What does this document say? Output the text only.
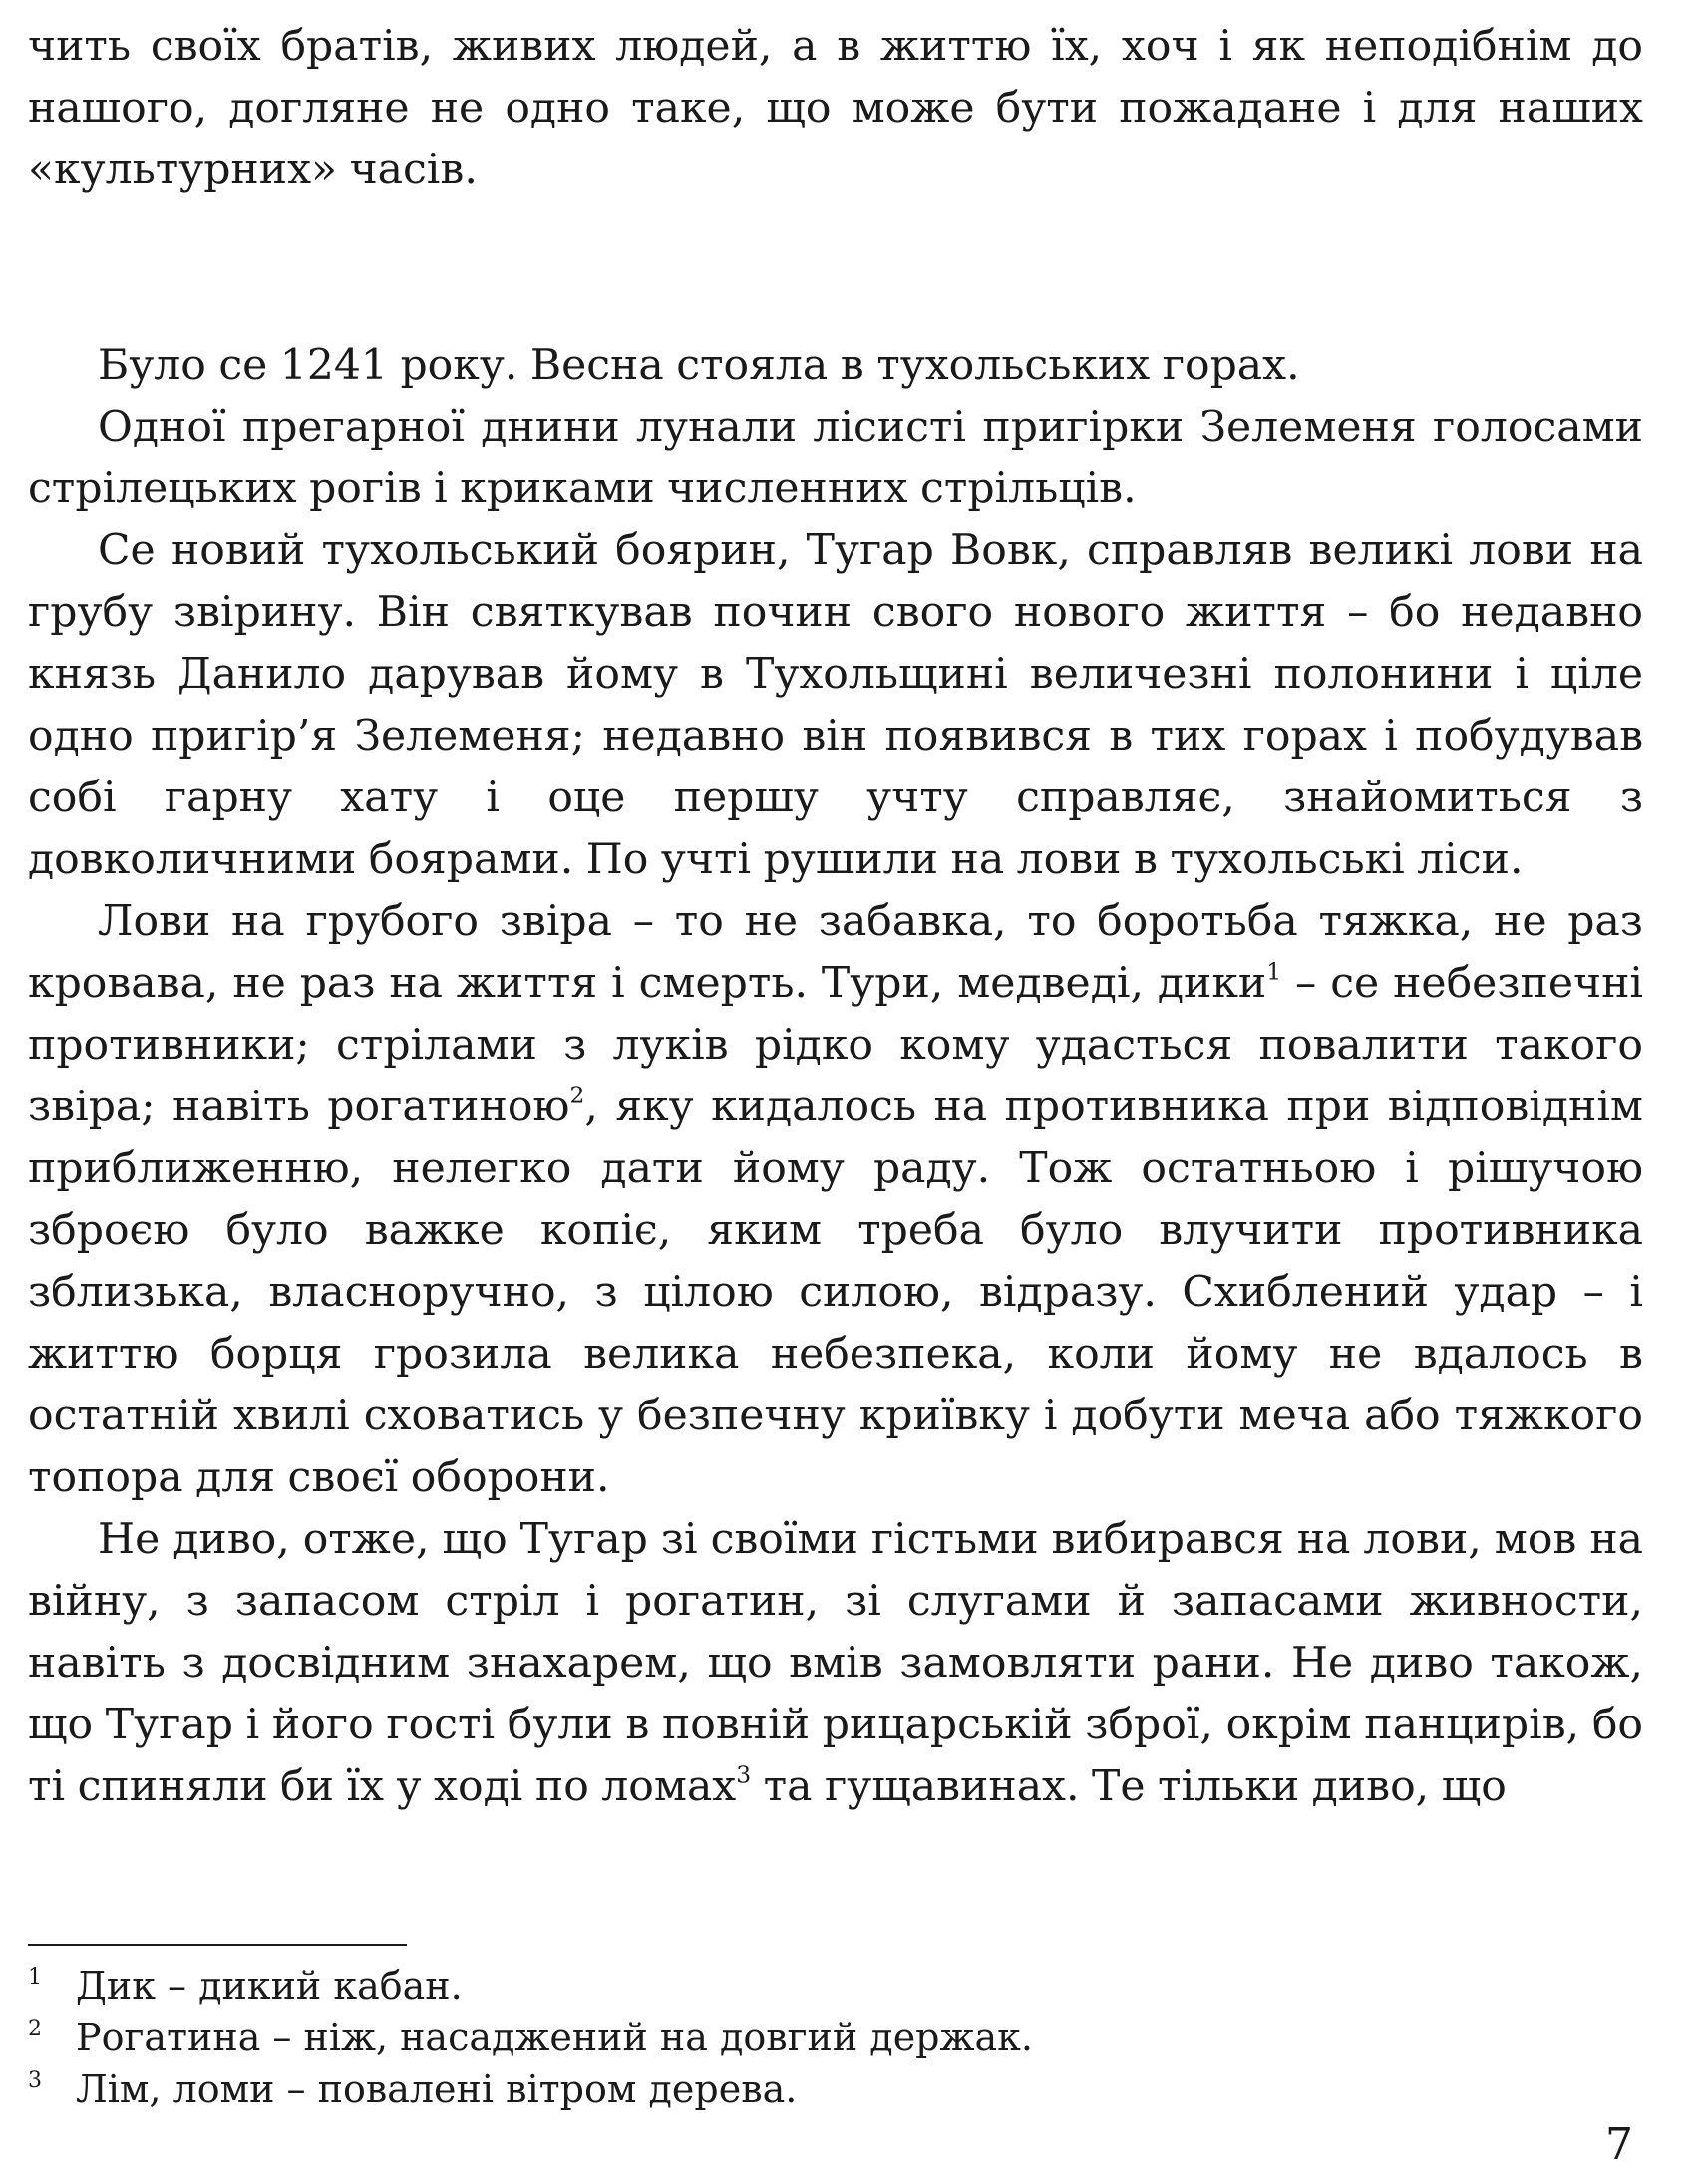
чить своїх братів, живих людей, а в життю їх, хоч і як неподібнім до нашого, догляне не одно таке, що може бути пожадане і для наших «культурних» часів.

Було се 1241 року. Весна стояла в тухольських горах.

Одної прегарної днини лунали лісисті пригірки Зелеменя голосами стрілецьких рогів і криками численних стрільців.

Се новий тухольський боярин, Тугар Вовк, справляв великі лови на грубу звірину. Він святкував почин свого нового життя – бо недавно князь Данило дарував йому в Тухольщині величезні полонини і ціле одно пригір’я Зелеменя; недавно він появився в тих горах і побудував собі гарну хату і оце першу учту справляє, знайомиться з довколичними боярами. По учті рушили на лови в тухольські ліси.

Лови на грубого звіра – то не забавка, то боротьба тяжка, не раз кровава, не раз на життя і смерть. Тури, медведі, дики$^1$ – се небезпечні противники; стрілами з луків рідко кому удасться повалити такого звіра; навіть рогатиною$^2$, яку кидалось на противника при відповіднім приближенню, нелегко дати йому раду. Тож остатньою і рішучою зброєю було важке копіє, яким треба було влучити противника зблизька, власноручно, з цілою силою, відразу. Схиблений удар – і життю борця грозила велика небезпека, коли йому не вдалось в остатній хвилі сховатись у безпечну криївку і добути меча або тяжкого топора для своєї оборони.

Не диво, отже, що Тугар зі своїми гістьми вибирався на лови, мов на війну, з запасом стріл і рогатин, зі слугами й запасами живности, навіть з досвідним знахарем, що вмів замовляти рани. Не диво також, що Тугар і його гості були в повній рицарській зброї, окрім панцирів, бо ті спиняли би їх у ході по ломах$^3$ та гущавинах. Те тільки диво, що

1 Дик – дикий кабан.
2 Рогатина – ніж, насаджений на довгий держак.
3 Лім, ломи – повалені вітром дерева.
7
